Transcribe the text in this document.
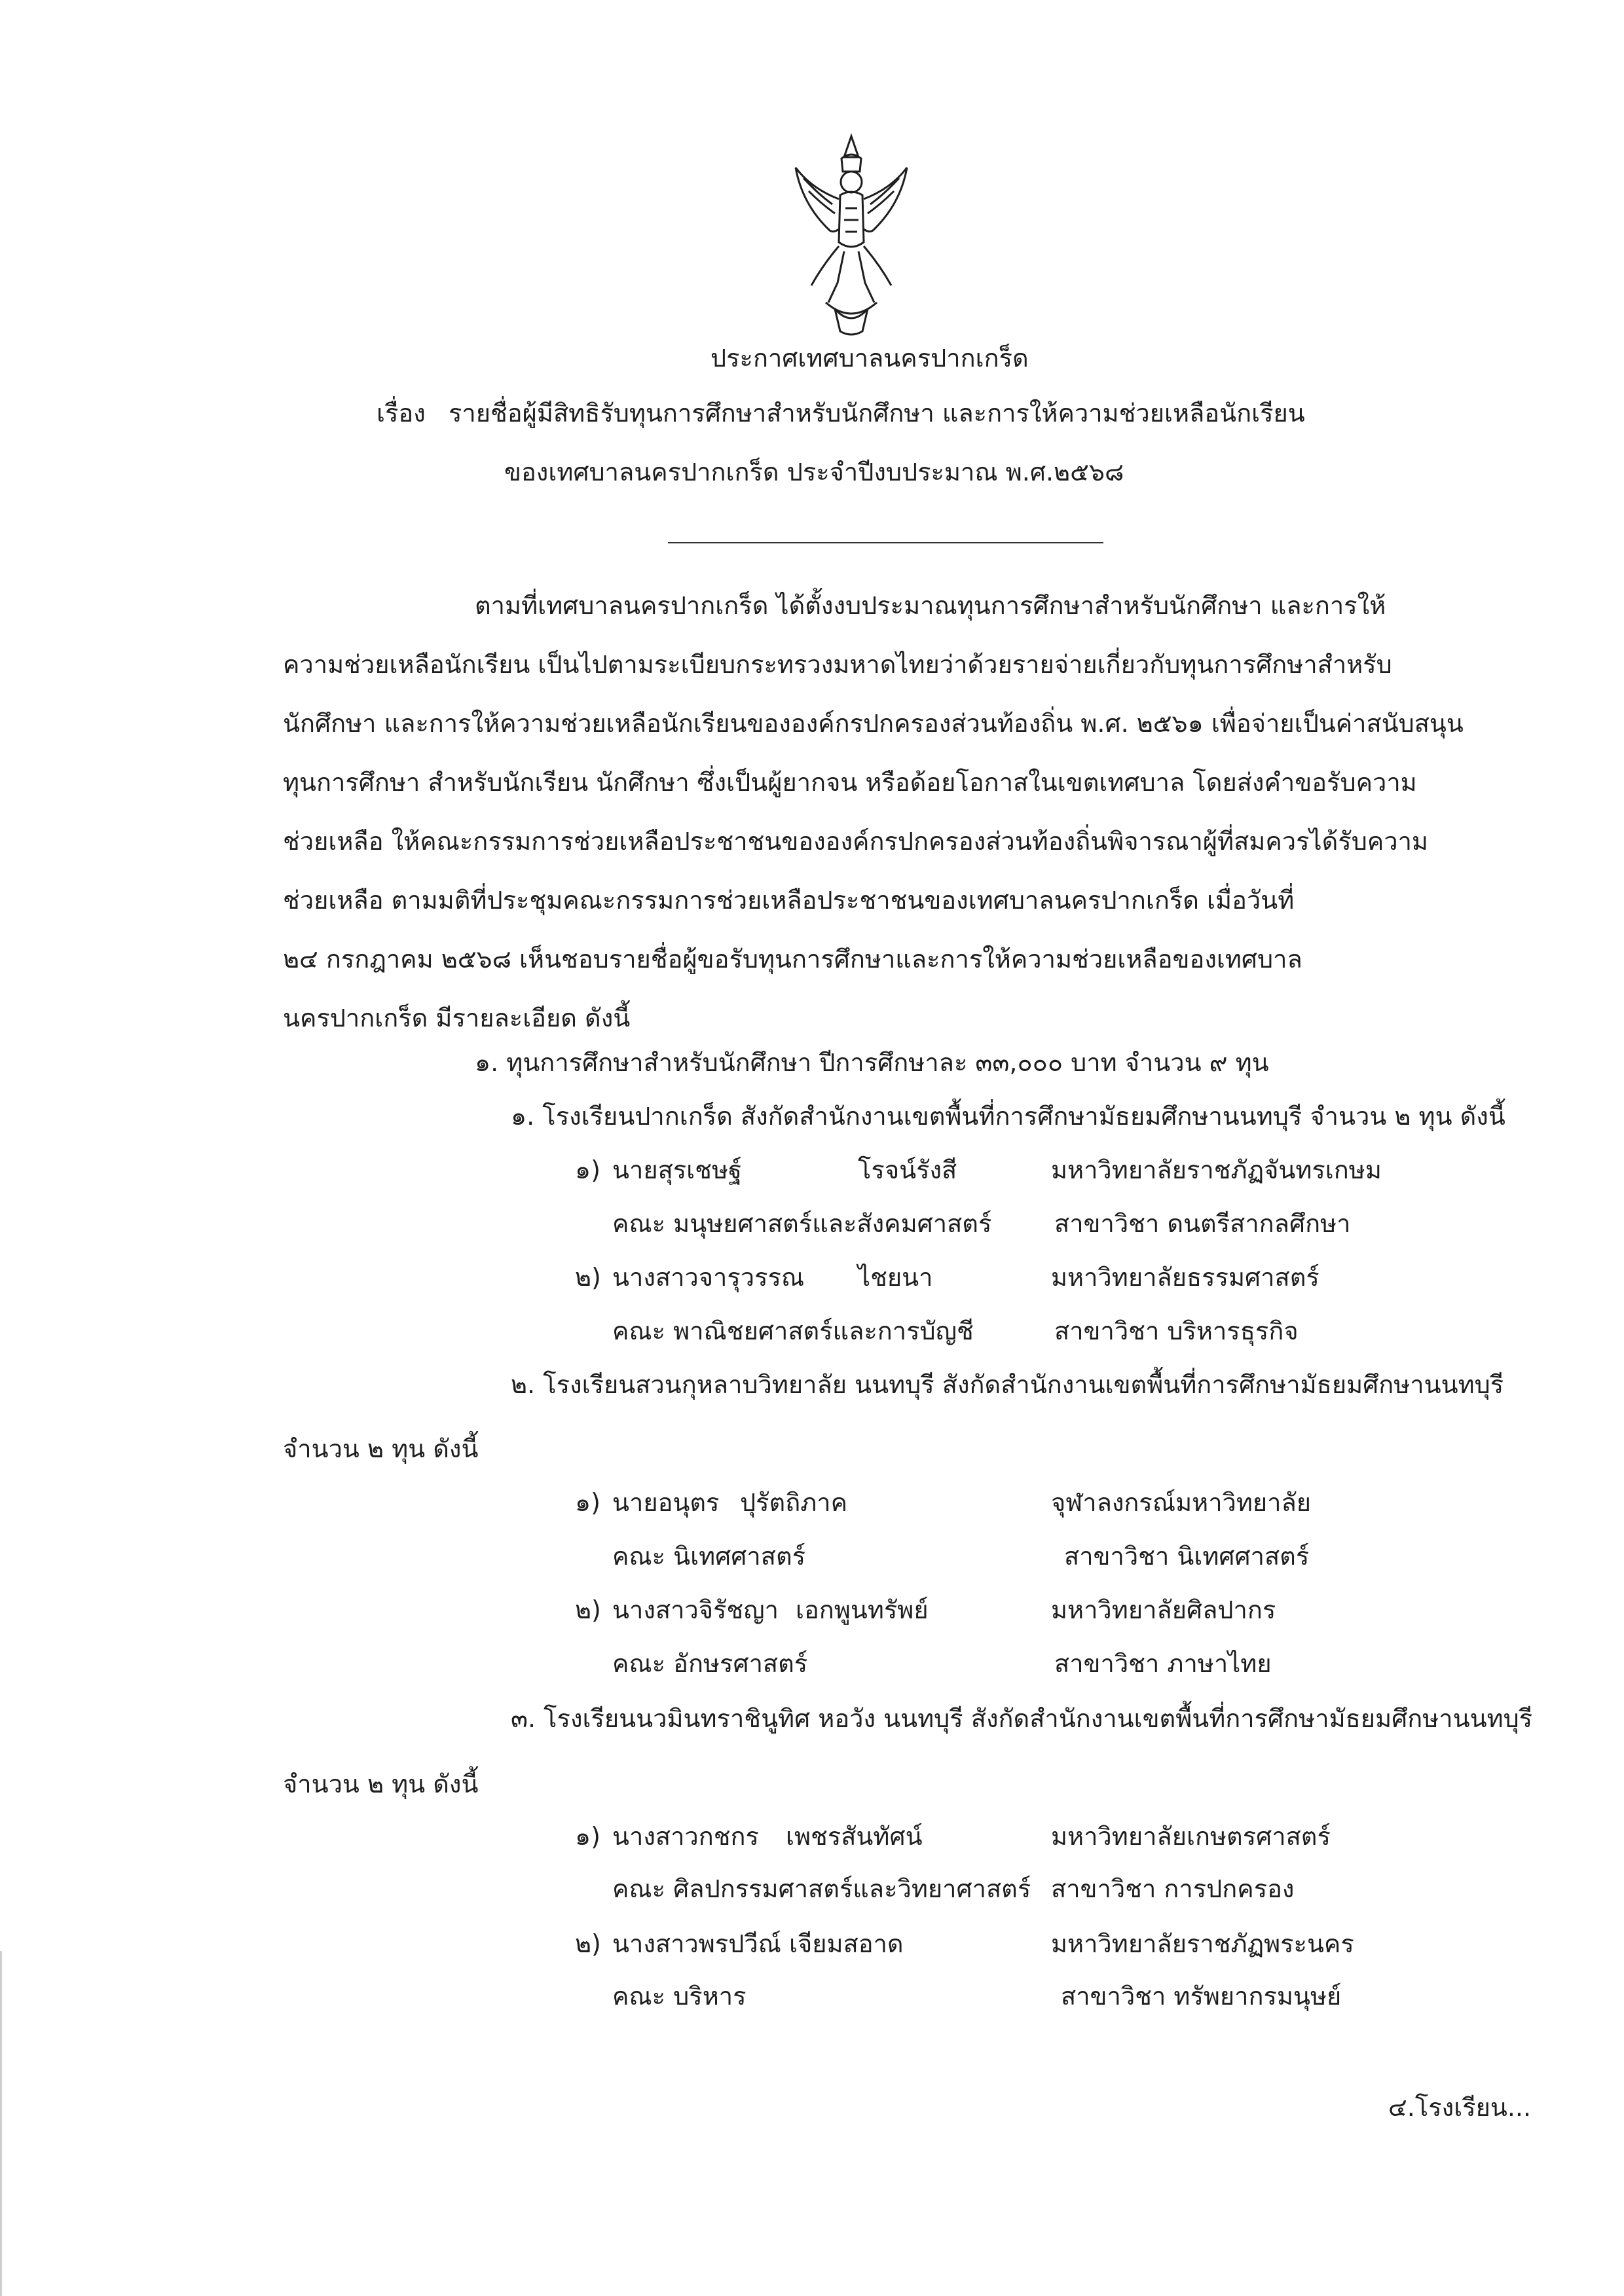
ประกาศเทศบาลนครปากเกร็ด
เรื่อง รายชื่อผู้มีสิทธิรับทุนการศึกษาสำหรับนักศึกษา และการให้ความช่วยเหลือนักเรียน
ของเทศบาลนครปากเกร็ด ประจำปีงบประมาณ พ.ศ.๒๕๖๘
ตามที่เทศบาลนครปากเกร็ด ได้ตั้งงบประมาณทุนการศึกษาสำหรับนักศึกษา และการให้
ความช่วยเหลือนักเรียน เป็นไปตามระเบียบกระทรวงมหาดไทยว่าด้วยรายจ่ายเกี่ยวกับทุนการศึกษาสำหรับ
นักศึกษา และการให้ความช่วยเหลือนักเรียนขององค์กรปกครองส่วนท้องถิ่น พ.ศ. ๒๕๖๑ เพื่อจ่ายเป็นค่าสนับสนุน
ทุนการศึกษา สำหรับนักเรียน นักศึกษา ซึ่งเป็นผู้ยากจน หรือด้อยโอกาสในเขตเทศบาล โดยส่งคำขอรับความ
ช่วยเหลือ ให้คณะกรรมการช่วยเหลือประชาชนขององค์กรปกครองส่วนท้องถิ่นพิจารณาผู้ที่สมควรได้รับความ
ช่วยเหลือ ตามมติที่ประชุมคณะกรรมการช่วยเหลือประชาชนของเทศบาลนครปากเกร็ด เมื่อวันที่
๒๔ กรกฎาคม ๒๕๖๘ เห็นชอบรายชื่อผู้ขอรับทุนการศึกษาและการให้ความช่วยเหลือของเทศบาล
นครปากเกร็ด มีรายละเอียด ดังนี้
๑. ทุนการศึกษาสำหรับนักศึกษา ปีการศึกษาละ ๓๓,๐๐๐ บาท จำนวน ๙ ทุน
๑. โรงเรียนปากเกร็ด สังกัดสำนักงานเขตพื้นที่การศึกษามัธยมศึกษานนทบุรี จำนวน ๒ ทุน ดังนี้
๑) นายสุรเชษฐ์	โรจน์รังสี	มหาวิทยาลัยราชภัฏจันทรเกษม
คณะ มนุษยศาสตร์และสังคมศาสตร์	สาขาวิชา ดนตรีสากลศึกษา
๒) นางสาวจารุวรรณ ไชยนา	มหาวิทยาลัยธรรมศาสตร์
คณะ พาณิชยศาสตร์และการบัญชี	สาขาวิชา บริหารธุรกิจ
๒. โรงเรียนสวนกุหลาบวิทยาลัย นนทบุรี สังกัดสำนักงานเขตพื้นที่การศึกษามัธยมศึกษานนทบุรี
จำนวน ๒ ทุน ดังนี้
๑) นายอนุตร ปุรัตถิภาค	จุฬาลงกรณ์มหาวิทยาลัย
คณะ นิเทศศาสตร์	สาขาวิชา นิเทศศาสตร์
๒) นางสาวจิรัชญา เอกพูนทรัพย์	มหาวิทยาลัยศิลปากร
คณะ อักษรศาสตร์	สาขาวิชา ภาษาไทย
๓. โรงเรียนนวมินทราชินูทิศ หอวัง นนทบุรี สังกัดสำนักงานเขตพื้นที่การศึกษามัธยมศึกษานนทบุรี
จำนวน ๒ ทุน ดังนี้
๑) นางสาวกชกร เพชรสันทัศน์	มหาวิทยาลัยเกษตรศาสตร์
คณะ ศิลปกรรมศาสตร์และวิทยาศาสตร์ สาขาวิชา การปกครอง
๒) นางสาวพรปวีณ์ เจียมสอาด	มหาวิทยาลัยราชภัฏพระนคร
คณะ บริหาร	สาขาวิชา ทรัพยากรมนุษย์
๔.โรงเรียน...
